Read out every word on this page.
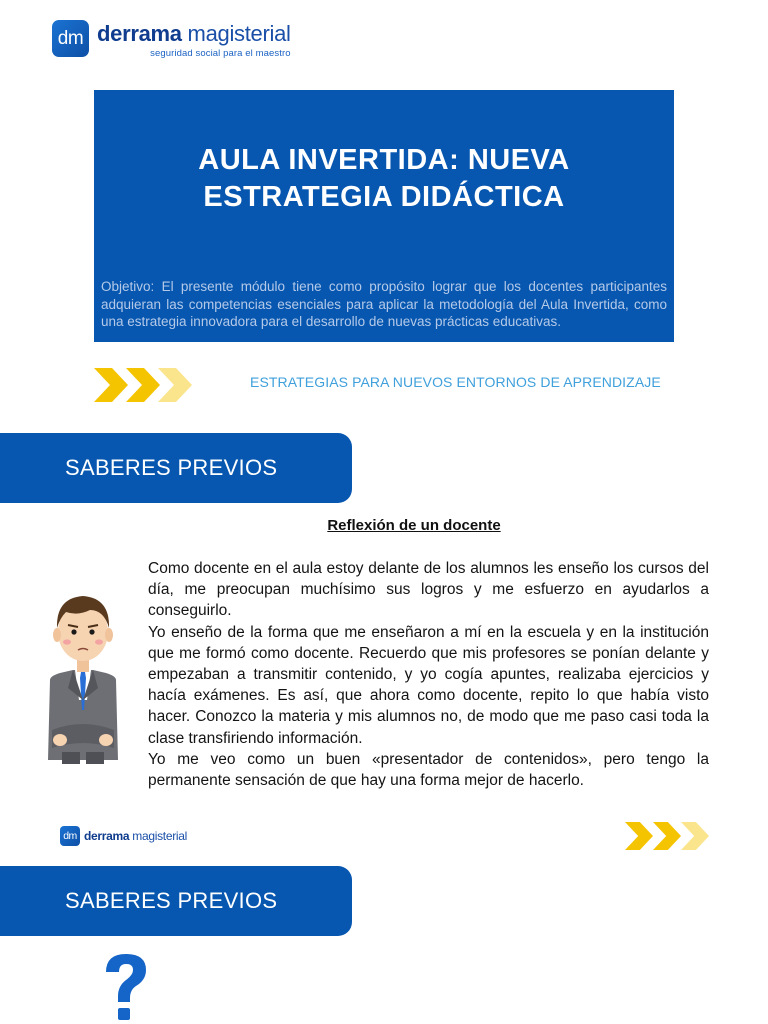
dm derrama magisterial
seguridad social para el maestro
AULA INVERTIDA: NUEVA
ESTRATEGIA DIDÁCTICA
Objetivo: El presente módulo tiene como propósito lograr que los docentes participantes adquieran las competencias esenciales para aplicar la metodología del Aula Invertida, como una estrategia innovadora para el desarrollo de nuevas prácticas educativas.
ESTRATEGIAS PARA NUEVOS ENTORNOS DE APRENDIZAJE
SABERES PREVIOS
Reflexión de un docente

Como docente en el aula estoy delante de los alumnos les enseño los cursos del día, me preocupan muchísimo sus logros y me esfuerzo en ayudarlos a conseguirlo.

Yo enseño de la forma que me enseñaron a mí en la escuela y en la institución que me formó como docente. Recuerdo que mis profesores se ponían delante y empezaban a transmitir contenido, y yo cogía apuntes, realizaba ejercicios y hacía exámenes. Es así, que ahora como docente, repito lo que había visto hacer. Conozco la materia y mis alumnos no, de modo que me paso casi toda la clase transfiriendo información.

Yo me veo como un buen «presentador de contenidos», pero tengo la permanente sensación de que hay una forma mejor de hacerlo.

dm derrama magisterial
SABERES PREVIOS
